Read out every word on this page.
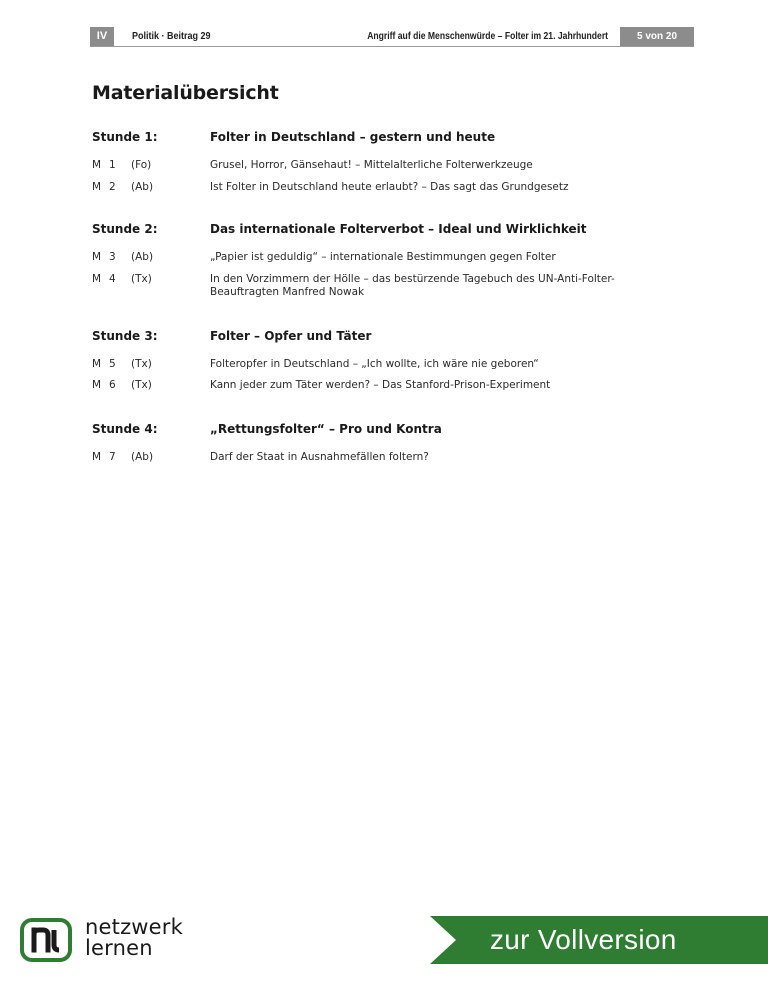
IV	Politik · Beitrag 29	Angriff auf die Menschenwürde – Folter im 21. Jahrhundert	5 von 20
Materialübersicht
Stunde 1:	Folter in Deutschland – gestern und heute
M 1	(Fo)	Grusel, Horror, Gänsehaut! – Mittelalterliche Folterwerkzeuge
M 2	(Ab)	Ist Folter in Deutschland heute erlaubt? – Das sagt das Grundgesetz
Stunde 2:	Das internationale Folterverbot – Ideal und Wirklichkeit
M 3	(Ab)	„Papier ist geduldig“ – internationale Bestimmungen gegen Folter
M 4	(Tx)	In den Vorzimmern der Hölle – das bestürzende Tagebuch des UN-Anti-Folter-Beauftragten Manfred Nowak
Stunde 3:	Folter – Opfer und Täter
M 5	(Tx)	Folteropfer in Deutschland – „Ich wollte, ich wäre nie geboren“
M 6	(Tx)	Kann jeder zum Täter werden? – Das Stanford-Prison-Experiment
Stunde 4:	„Rettungsfolter“ – Pro und Kontra
M 7	(Ab)	Darf der Staat in Ausnahmefällen foltern?
netzwerk
lernen	zur Vollversion
